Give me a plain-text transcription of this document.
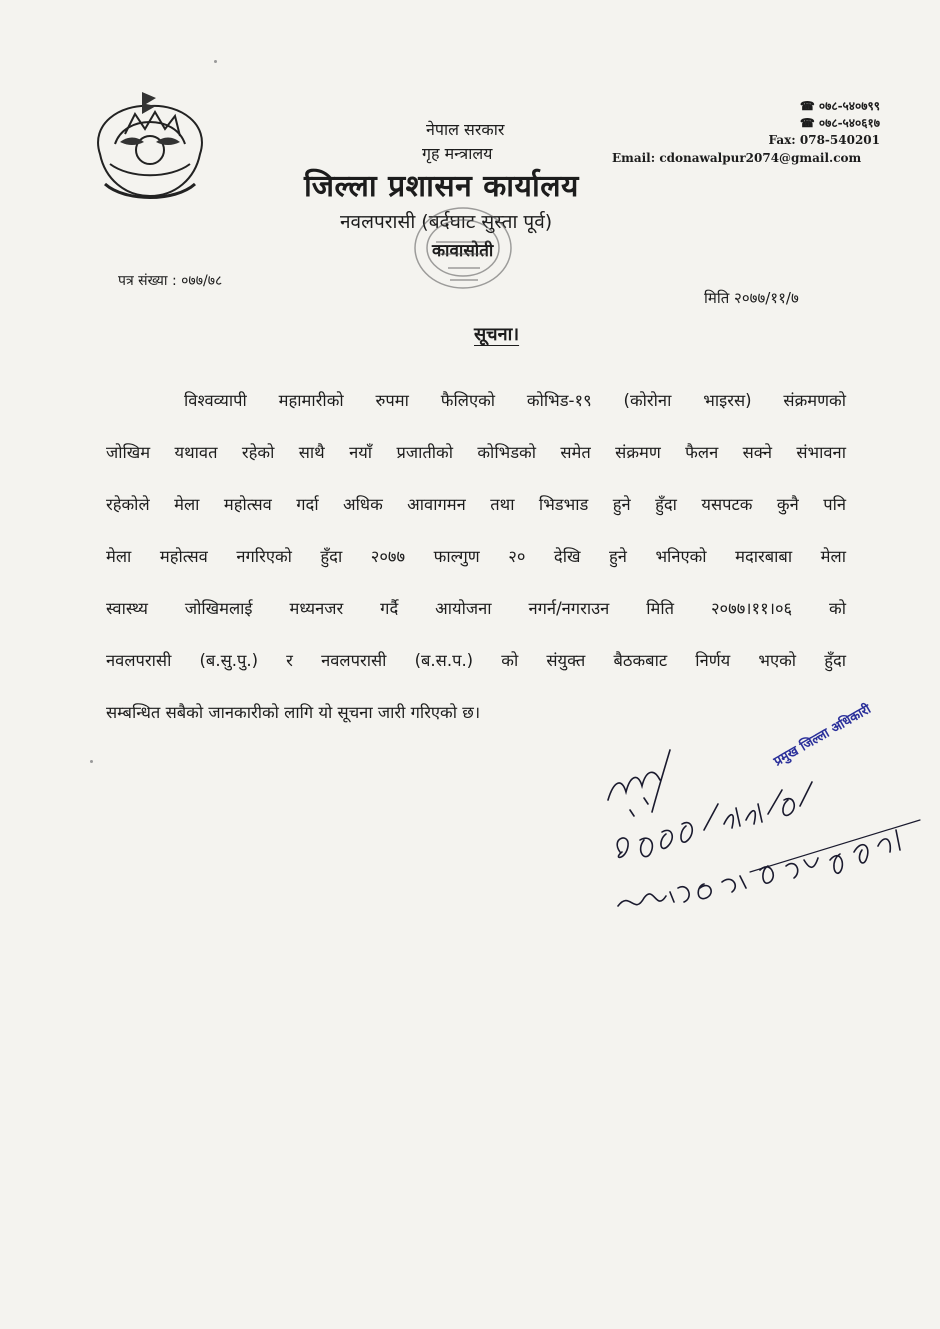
नेपाल सरकार
गृह मन्त्रालय
जिल्ला प्रशासन कार्यालय
नवलपरासी (बर्दघाट सुस्ता पूर्व)
कावासोती
☎ ०७८-५४०७९९
☎ ०७८-५४०६१७
Fax: 078-540201
Email: cdonawalpur2074@gmail.com
पत्र संख्या : ०७७/७८
मिति २०७७/११/७
सूचना।
विश्वव्यापी महामारीको रुपमा फैलिएको कोभिड-१९ (कोरोना भाइरस) संक्रमणको
जोखिम यथावत रहेको साथै नयाँ प्रजातीको कोभिडको समेत संक्रमण फैलन सक्ने संभावना
रहेकोले मेला महोत्सव गर्दा अधिक आवागमन तथा भिडभाड हुने हुँदा यसपटक कुनै पनि
मेला महोत्सव नगरिएको हुँदा २०७७ फाल्गुण २० देखि हुने भनिएको मदारबाबा मेला
स्वास्थ्य जोखिमलाई मध्यनजर गर्दै आयोजना नगर्न/नगराउन मिति २०७७।११।०६ को
नवलपरासी (ब.सु.पु.) र नवलपरासी (ब.स.प.) को संयुक्त बैठकबाट निर्णय भएको हुँदा
सम्बन्धित सबैको जानकारीको लागि यो सूचना जारी गरिएको छ।	प्रमुख जिल्ला अधिकारी
